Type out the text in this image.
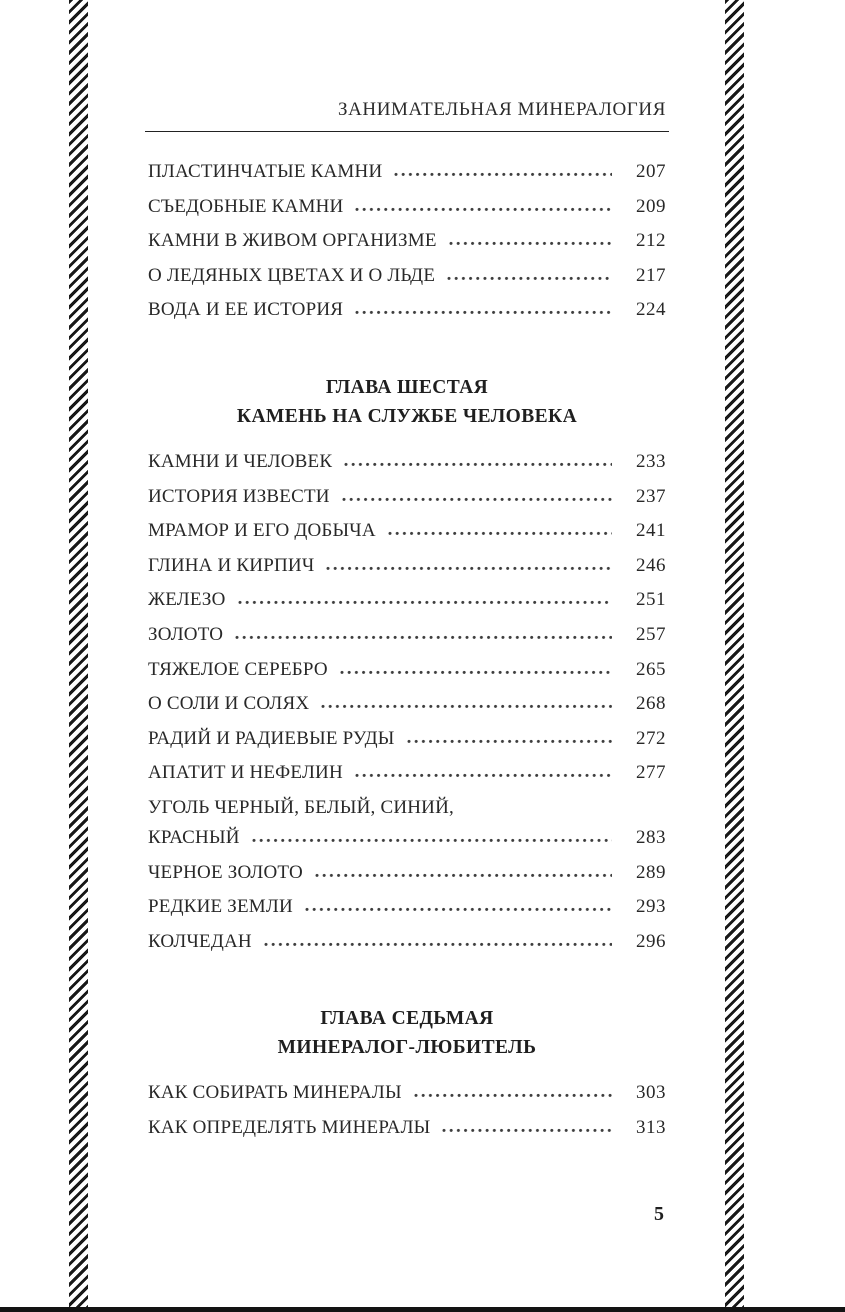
ЗАНИМАТЕЛЬНАЯ МИНЕРАЛОГИЯ
ПЛАСТИНЧАТЫЕ КАМНИ	207
СЪЕДОБНЫЕ КАМНИ	209
КАМНИ В ЖИВОМ ОРГАНИЗМЕ	212
О ЛЕДЯНЫХ ЦВЕТАХ И О ЛЬДЕ	217
ВОДА И ЕЕ ИСТОРИЯ	224
ГЛАВА ШЕСТАЯ
КАМЕНЬ НА СЛУЖБЕ ЧЕЛОВЕКА
КАМНИ И ЧЕЛОВЕК	233
ИСТОРИЯ ИЗВЕСТИ	237
МРАМОР И ЕГО ДОБЫЧА	241
ГЛИНА И КИРПИЧ	246
ЖЕЛЕЗО	251
ЗОЛОТО	257
ТЯЖЕЛОЕ СЕРЕБРО	265
О СОЛИ И СОЛЯХ	268
РАДИЙ И РАДИЕВЫЕ РУДЫ	272
АПАТИТ И НЕФЕЛИН	277
УГОЛЬ ЧЕРНЫЙ, БЕЛЫЙ, СИНИЙ,
КРАСНЫЙ	283
ЧЕРНОЕ ЗОЛОТО	289
РЕДКИЕ ЗЕМЛИ	293
КОЛЧЕДАН	296
ГЛАВА СЕДЬМАЯ
МИНЕРАЛОГ-ЛЮБИТЕЛЬ
КАК СОБИРАТЬ МИНЕРАЛЫ	303
КАК ОПРЕДЕЛЯТЬ МИНЕРАЛЫ	313
5
